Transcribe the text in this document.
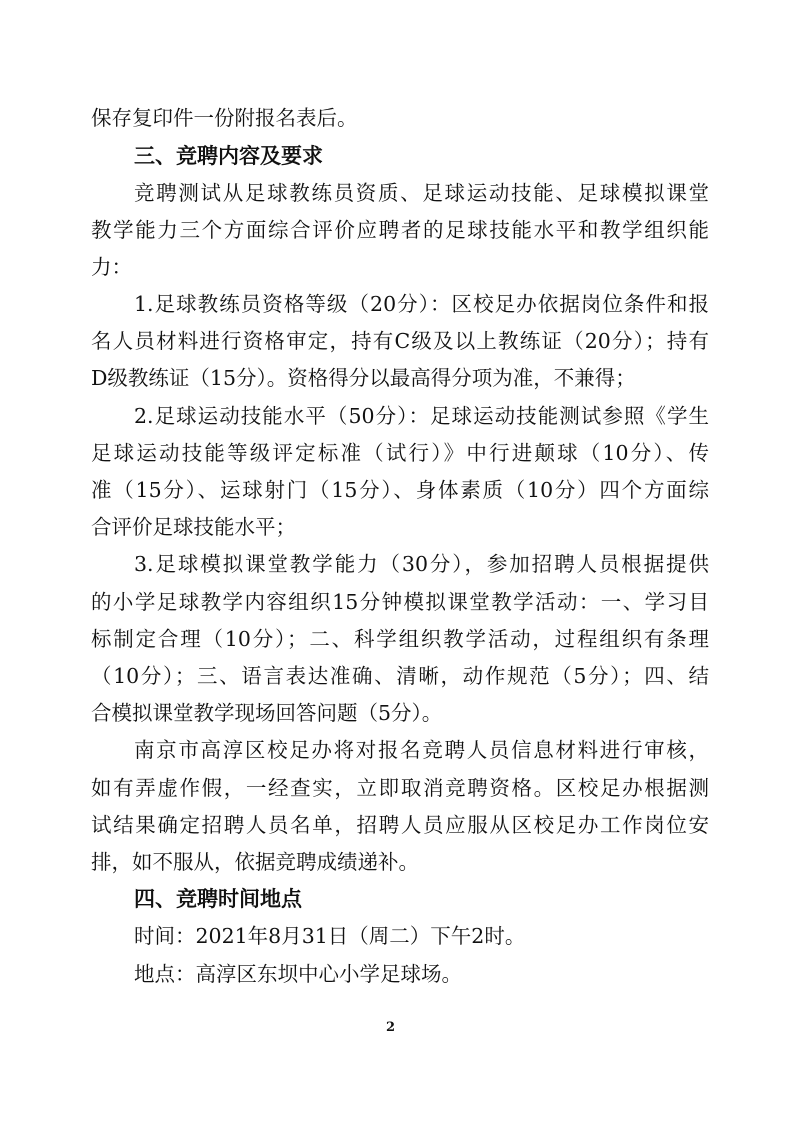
保存复印件一份附报名表后。
三、竞聘内容及要求
竞聘测试从足球教练员资质、足球运动技能、足球模拟课堂
教学能力三个方面综合评价应聘者的足球技能水平和教学组织能
力：
1.足球教练员资格等级（20分）：区校足办依据岗位条件和报
名人员材料进行资格审定，持有C级及以上教练证（20分）；持有
D级教练证（15分）。资格得分以最高得分项为准，不兼得；
2.足球运动技能水平（50分）：足球运动技能测试参照《学生
足球运动技能等级评定标准（试行）》中行进颠球（10分）、传
准（15分）、运球射门（15分）、身体素质（10分）四个方面综
合评价足球技能水平；
3.足球模拟课堂教学能力（30分），参加招聘人员根据提供
的小学足球教学内容组织15分钟模拟课堂教学活动：一、学习目
标制定合理（10分）；二、科学组织教学活动，过程组织有条理
（10分）；三、语言表达准确、清晰，动作规范（5分）；四、结
合模拟课堂教学现场回答问题（5分）。
南京市高淳区校足办将对报名竞聘人员信息材料进行审核，
如有弄虚作假，一经查实，立即取消竞聘资格。区校足办根据测
试结果确定招聘人员名单，招聘人员应服从区校足办工作岗位安
排，如不服从，依据竞聘成绩递补。
四、竞聘时间地点
时间：2021年8月31日（周二）下午2时。
地点：高淳区东坝中心小学足球场。
2
